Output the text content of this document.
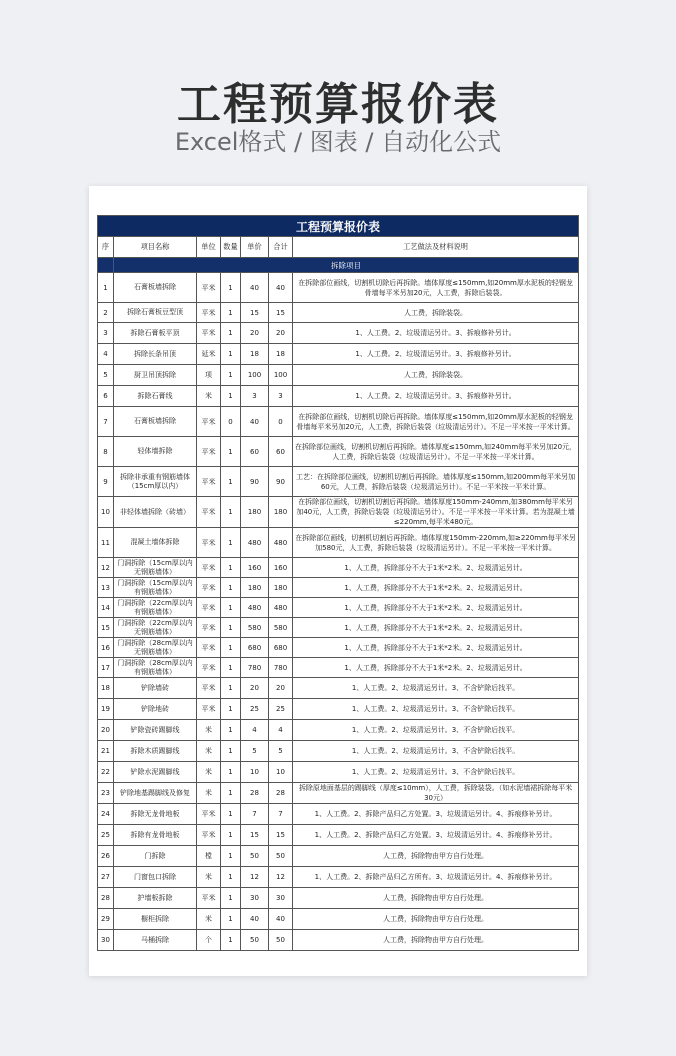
工程预算报价表
Excel格式 / 图表 / 自动化公式
工程预算报价表						
序	项目名称	单位	数量	单价	合计	工艺做法及材料说明
	拆除项目					
1	石膏板墙拆除	平米	1	40	40	在拆除部位画线，切割机切除后再拆除。墙体厚度≤150mm,如20mm厚水泥板的轻钢龙骨墙每平米另加20元，人工费，拆除后装袋。
2	拆除石膏板豆型顶	平米	1	15	15	人工费，拆除装袋。
3	拆除石膏板平顶	平米	1	20	20	1、人工费。2、垃圾清运另计。3、拆痕修补另计。
4	拆除长条吊顶	延米	1	18	18	1、人工费。2、垃圾清运另计。3、拆痕修补另计。
5	厨卫吊顶拆除	项	1	100	100	人工费，拆除装袋。
6	拆除石膏线	米	1	3	3	1、人工费。2、垃圾清运另计。3、拆痕修补另计。
7	石膏板墙拆除	平米	0	40	0	在拆除部位画线，切割机切除后再拆除。墙体厚度≤150mm,如20mm厚水泥板的轻钢龙骨墙每平米另加20元，人工费，拆除后装袋（垃圾清运另计）。不足一平米按一平米计算。
8	轻体墙拆除	平米	1	60	60	在拆除部位画线，切割机切割后再拆除。墙体厚度≤150mm,如240mm每平米另加20元，人工费，拆除后装袋（垃圾清运另计）。不足一平米按一平米计算。
9	拆除非承重有钢筋墙体（15cm厚以内）	平米	1	90	90	工艺：在拆除部位画线，切割机切割后再拆除。墙体厚度≤150mm,如200mm每平米另加60元，人工费，拆除后装袋（垃圾清运另计）。不足一平米按一平米计算。
10	非轻体墙拆除（砖墙）	平米	1	180	180	在拆除部位画线，切割机切割后再拆除。墙体厚度150mm-240mm,如380mm每平米另加40元，人工费，拆除后装袋（垃圾清运另计）。不足一平米按一平米计算。若为混凝土墙≤220mm,每平米480元。
11	混凝土墙体拆除	平米	1	480	480	在拆除部位画线，切割机切割后再拆除。墙体厚度150mm-220mm,如≥220mm每平米另加580元，人工费，拆除后装袋（垃圾清运另计）。不足一平米按一平米计算。
12	门洞拆除（15cm厚以内无钢筋墙体）	平米	1	160	160	1、人工费，拆除部分不大于1米*2米。2、垃圾清运另计。
13	门洞拆除（15cm厚以内有钢筋墙体）	平米	1	180	180	1、人工费，拆除部分不大于1米*2米。2、垃圾清运另计。
14	门洞拆除（22cm厚以内有钢筋墙体）	平米	1	480	480	1、人工费，拆除部分不大于1米*2米。2、垃圾清运另计。
15	门洞拆除（22cm厚以内无钢筋墙体）	平米	1	580	580	1、人工费，拆除部分不大于1米*2米。2、垃圾清运另计。
16	门洞拆除（28cm厚以内无钢筋墙体）	平米	1	680	680	1、人工费，拆除部分不大于1米*2米。2、垃圾清运另计。
17	门洞拆除（28cm厚以内有钢筋墙体）	平米	1	780	780	1、人工费，拆除部分不大于1米*2米。2、垃圾清运另计。
18	铲除墙砖	平米	1	20	20	1、人工费。2、垃圾清运另计。3、不含铲除后找平。
19	铲除地砖	平米	1	25	25	1、人工费。2、垃圾清运另计。3、不含铲除后找平。
20	铲除瓷砖踢脚线	米	1	4	4	1、人工费。2、垃圾清运另计。3、不含铲除后找平。
21	拆除木质踢脚线	米	1	5	5	1、人工费。2、垃圾清运另计。3、不含铲除后找平。
22	铲除水泥踢脚线	米	1	10	10	1、人工费。2、垃圾清运另计。3、不含铲除后找平。
23	铲除地基踢脚线及修复	米	1	28	28	拆除原地面基层的踢脚线（厚度≤10mm），人工费，拆除装袋。（如水泥墙裙拆除每平米30元）
24	拆除无龙骨地板	平米	1	7	7	1、人工费。2、拆除产品归乙方处置。3、垃圾清运另计。4、拆痕修补另计。
25	拆除有龙骨地板	平米	1	15	15	1、人工费。2、拆除产品归乙方处置。3、垃圾清运另计。4、拆痕修补另计。
26	门拆除	樘	1	50	50	人工费，拆除物由甲方自行处理。
27	门窗包口拆除	米	1	12	12	1、人工费。2、拆除产品归乙方所有。3、垃圾清运另计。4、拆痕修补另计。
28	护墙板拆除	平米	1	30	30	人工费，拆除物由甲方自行处理。
29	橱柜拆除	米	1	40	40	人工费，拆除物由甲方自行处理。
30	马桶拆除	个	1	50	50	人工费，拆除物由甲方自行处理。
